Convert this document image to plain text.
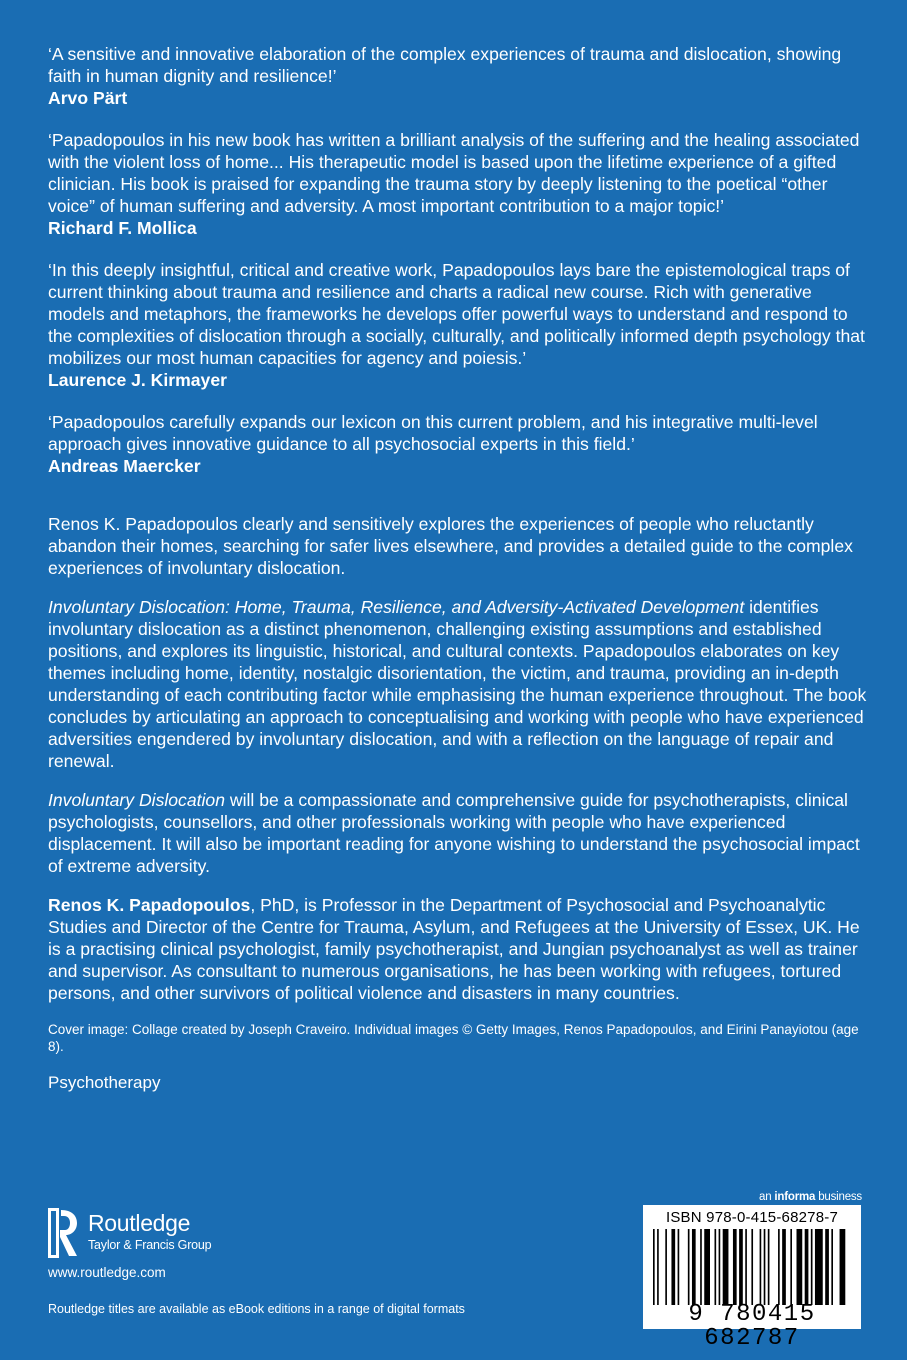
‘A sensitive and innovative elaboration of the complex experiences of trauma and dislocation, showing faith in human dignity and resilience!’
Arvo Pärt
‘Papadopoulos in his new book has written a brilliant analysis of the suffering and the healing associated with the violent loss of home... His therapeutic model is based upon the lifetime experience of a gifted clinician. His book is praised for expanding the trauma story by deeply listening to the poetical “other voice” of human suffering and adversity. A most important contribution to a major topic!’
Richard F. Mollica
‘In this deeply insightful, critical and creative work, Papadopoulos lays bare the epistemological traps of current thinking about trauma and resilience and charts a radical new course. Rich with generative models and metaphors, the frameworks he develops offer powerful ways to understand and respond to the complexities of dislocation through a socially, culturally, and politically informed depth psychology that mobilizes our most human capacities for agency and poiesis.’
Laurence J. Kirmayer
‘Papadopoulos carefully expands our lexicon on this current problem, and his integrative multi-level approach gives innovative guidance to all psychosocial experts in this field.’
Andreas Maercker

Renos K. Papadopoulos clearly and sensitively explores the experiences of people who reluctantly abandon their homes, searching for safer lives elsewhere, and provides a detailed guide to the complex experiences of involuntary dislocation.

Involuntary Dislocation: Home, Trauma, Resilience, and Adversity-Activated Development identifies involuntary dislocation as a distinct phenomenon, challenging existing assumptions and established positions, and explores its linguistic, historical, and cultural contexts. Papadopoulos elaborates on key themes including home, identity, nostalgic disorientation, the victim, and trauma, providing an in-depth understanding of each contributing factor while emphasising the human experience throughout. The book concludes by articulating an approach to conceptualising and working with people who have experienced adversities engendered by involuntary dislocation, and with a reflection on the language of repair and renewal.

Involuntary Dislocation will be a compassionate and comprehensive guide for psychotherapists, clinical psychologists, counsellors, and other professionals working with people who have experienced displacement. It will also be important reading for anyone wishing to understand the psychosocial impact of extreme adversity.

Renos K. Papadopoulos, PhD, is Professor in the Department of Psychosocial and Psychoanalytic Studies and Director of the Centre for Trauma, Asylum, and Refugees at the University of Essex, UK. He is a practising clinical psychologist, family psychotherapist, and Jungian psychoanalyst as well as trainer and supervisor. As consultant to numerous organisations, he has been working with refugees, tortured persons, and other survivors of political violence and disasters in many countries.

Cover image: Collage created by Joseph Craveiro. Individual images © Getty Images, Renos Papadopoulos, and Eirini Panayiotou (age 8).

Psychotherapy
Routledge
Taylor & Francis Group
www.routledge.com
Routledge titles are available as eBook editions in a range of digital formats
an informa business
ISBN 978-0-415-68278-7
9 780415 682787
